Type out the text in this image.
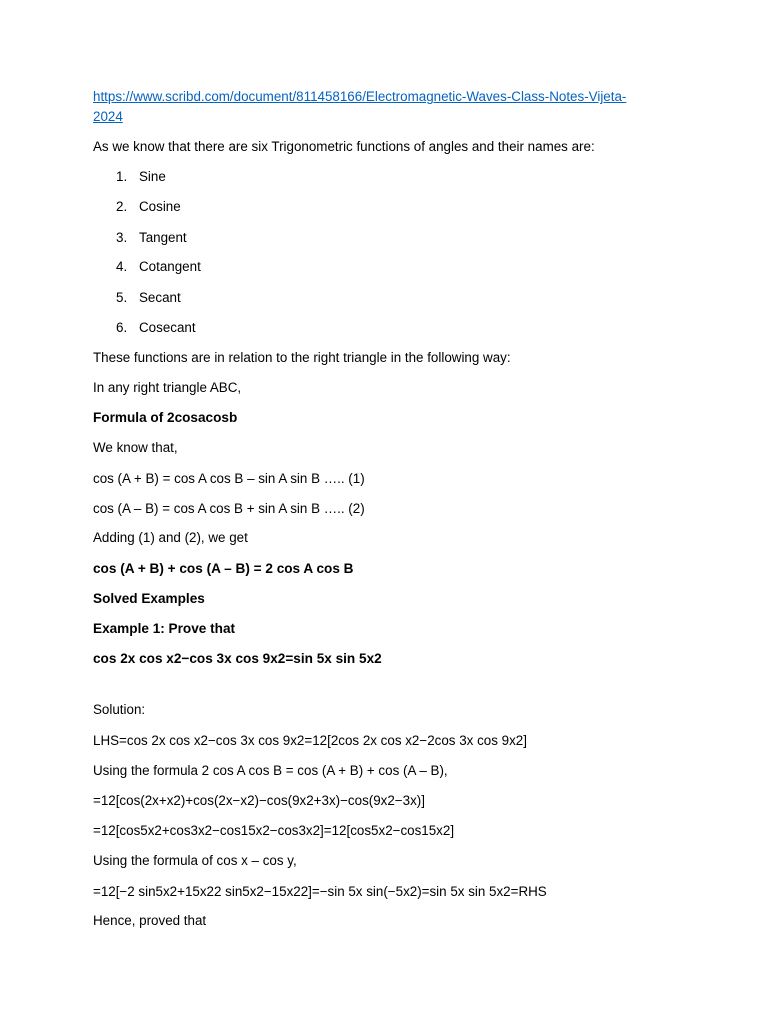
https://www.scribd.com/document/811458166/Electromagnetic-Waves-Class-Notes-Vijeta-
2024
As we know that there are six Trigonometric functions of angles and their names are:
1. Sine
2. Cosine
3. Tangent
4. Cotangent
5. Secant
6. Cosecant
These functions are in relation to the right triangle in the following way:
In any right triangle ABC,
Formula of 2cosacosb
We know that,
cos (A + B) = cos A cos B – sin A sin B ….. (1)
cos (A – B) = cos A cos B + sin A sin B ….. (2)
Adding (1) and (2), we get
cos (A + B) + cos (A – B) = 2 cos A cos B
Solved Examples
Example 1: Prove that
cos 2x cos x2−cos 3x cos 9x2=sin 5x sin 5x2
Solution:
LHS=cos 2x cos x2−cos 3x cos 9x2=12[2cos 2x cos x2−2cos 3x cos 9x2]
Using the formula 2 cos A cos B = cos (A + B) + cos (A – B),
=12[cos(2x+x2)+cos(2x−x2)−cos(9x2+3x)−cos(9x2−3x)]
=12[cos5x2+cos3x2−cos15x2−cos3x2]=12[cos5x2−cos15x2]
Using the formula of cos x – cos y,
=12[−2 sin5x2+15x22 sin5x2−15x22]=−sin 5x sin(−5x2)=sin 5x sin 5x2=RHS
Hence, proved that
